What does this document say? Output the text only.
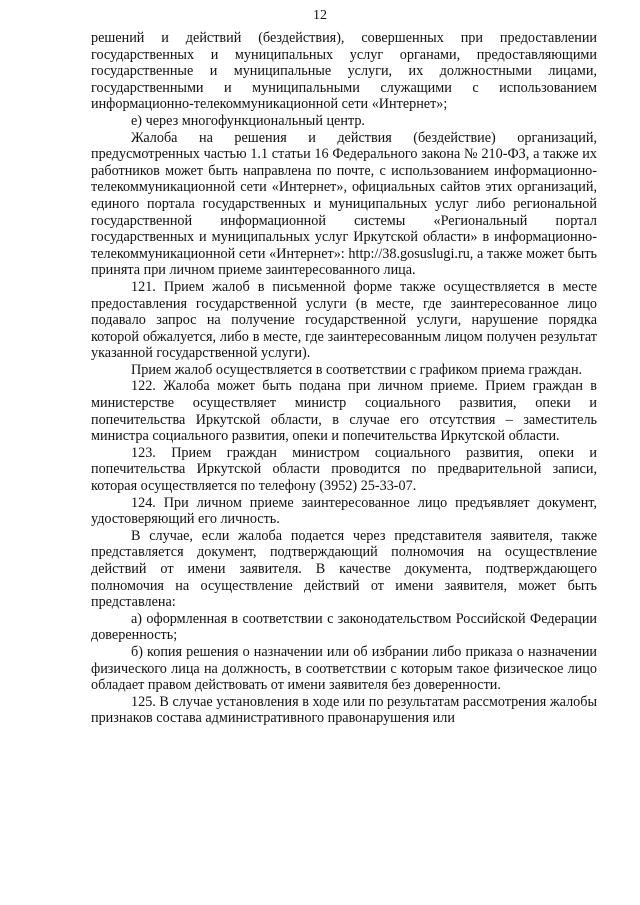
12

решений и действий (бездействия), совершенных при предоставлении государственных и муниципальных услуг органами, предоставляющими государственные и муниципальные услуги, их должностными лицами, государственными и муниципальными служащими с использованием информационно-телекоммуникационной сети «Интернет»;

е) через многофункциональный центр.

Жалоба на решения и действия (бездействие) организаций, предусмотренных частью 1.1 статьи 16 Федерального закона № 210-ФЗ, а также их работников может быть направлена по почте, с использованием информационно-телекоммуникационной сети «Интернет», официальных сайтов этих организаций, единого портала государственных и муниципальных услуг либо региональной государственной информационной системы «Региональный портал государственных и муниципальных услуг Иркутской области» в информационно-телекоммуникационной сети «Интернет»: http://38.gosuslugi.ru, а также может быть принята при личном приеме заинтересованного лица.

121. Прием жалоб в письменной форме также осуществляется в месте предоставления государственной услуги (в месте, где заинтересованное лицо подавало запрос на получение государственной услуги, нарушение порядка которой обжалуется, либо в месте, где заинтересованным лицом получен результат указанной государственной услуги).

Прием жалоб осуществляется в соответствии с графиком приема граждан.

122. Жалоба может быть подана при личном приеме. Прием граждан в министерстве осуществляет министр социального развития, опеки и попечительства Иркутской области, в случае его отсутствия – заместитель министра социального развития, опеки и попечительства Иркутской области.

123. Прием граждан министром социального развития, опеки и попечительства Иркутской области проводится по предварительной записи, которая осуществляется по телефону (3952) 25-33-07.

124. При личном приеме заинтересованное лицо предъявляет документ, удостоверяющий его личность.

В случае, если жалоба подается через представителя заявителя, также представляется документ, подтверждающий полномочия на осуществление действий от имени заявителя. В качестве документа, подтверждающего полномочия на осуществление действий от имени заявителя, может быть представлена:

а) оформленная в соответствии с законодательством Российской Федерации доверенность;

б) копия решения о назначении или об избрании либо приказа о назначении физического лица на должность, в соответствии с которым такое физическое лицо обладает правом действовать от имени заявителя без доверенности.

125. В случае установления в ходе или по результатам рассмотрения жалобы признаков состава административного правонарушения или
